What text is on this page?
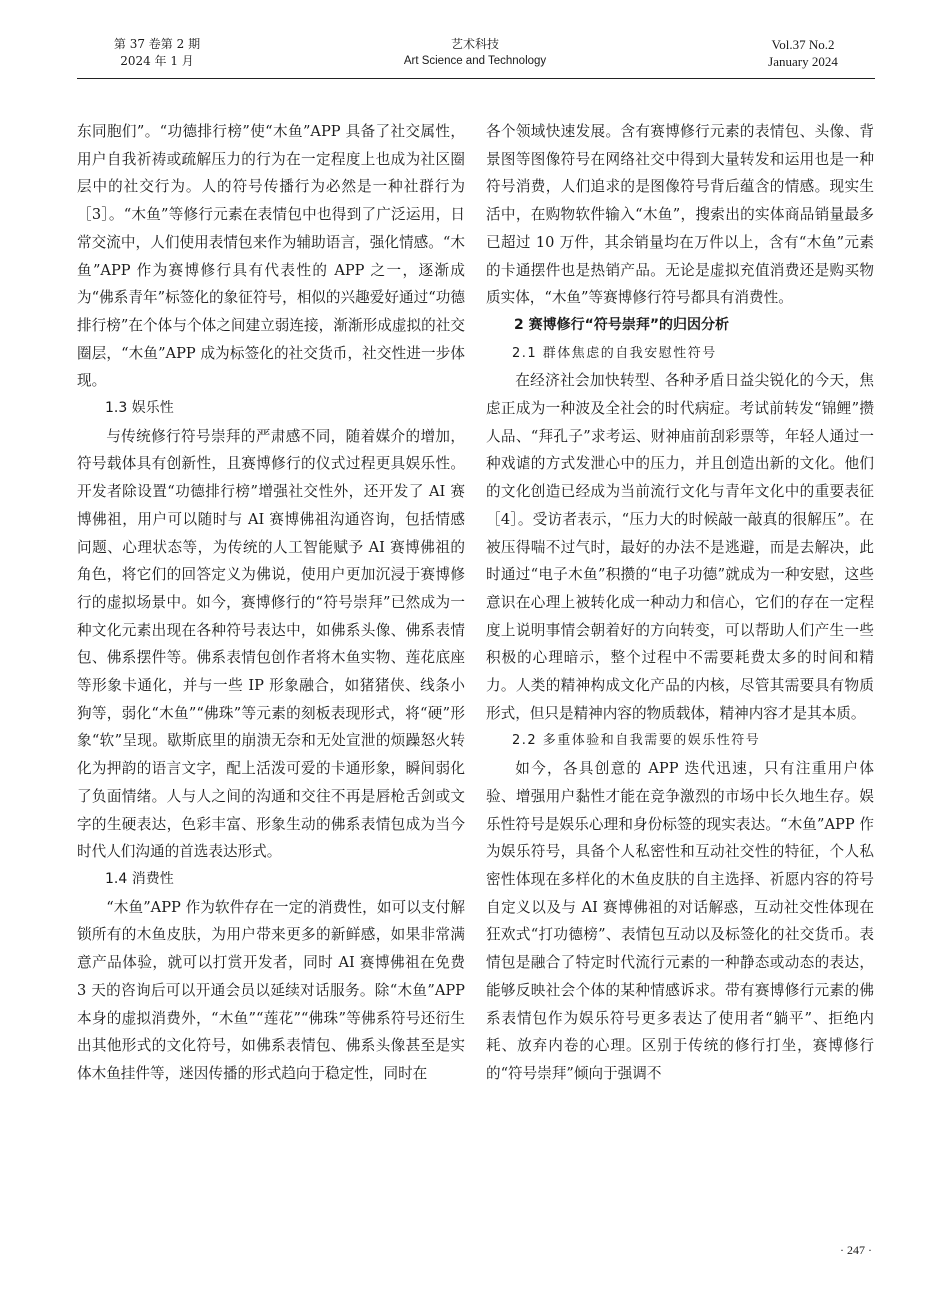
第 37 卷第 2 期
2024 年 1 月
艺术科技
Art Science and Technology
Vol.37 No.2
January 2024

东同胞们”。“功德排行榜”使“木鱼”APP 具备了社交属性，用户自我祈祷或疏解压力的行为在一定程度上也成为社区圈层中的社交行为。人的符号传播行为必然是一种社群行为［3］。“木鱼”等修行元素在表情包中也得到了广泛运用，日常交流中，人们使用表情包来作为辅助语言，强化情感。“木鱼”APP 作为赛博修行具有代表性的 APP 之一，逐渐成为“佛系青年”标签化的象征符号，相似的兴趣爱好通过“功德排行榜”在个体与个体之间建立弱连接，渐渐形成虚拟的社交圈层，“木鱼”APP 成为标签化的社交货币，社交性进一步体现。

1.3 娱乐性

与传统修行符号崇拜的严肃感不同，随着媒介的增加，符号载体具有创新性，且赛博修行的仪式过程更具娱乐性。开发者除设置“功德排行榜”增强社交性外，还开发了 AI 赛博佛祖，用户可以随时与 AI 赛博佛祖沟通咨询，包括情感问题、心理状态等，为传统的人工智能赋予 AI 赛博佛祖的角色，将它们的回答定义为佛说，使用户更加沉浸于赛博修行的虚拟场景中。如今，赛博修行的“符号崇拜”已然成为一种文化元素出现在各种符号表达中，如佛系头像、佛系表情包、佛系摆件等。佛系表情包创作者将木鱼实物、莲花底座等形象卡通化，并与一些 IP 形象融合，如猪猪侠、线条小狗等，弱化“木鱼”“佛珠”等元素的刻板表现形式，将“硬”形象“软”呈现。歇斯底里的崩溃无奈和无处宣泄的烦躁怒火转化为押韵的语言文字，配上活泼可爱的卡通形象，瞬间弱化了负面情绪。人与人之间的沟通和交往不再是唇枪舌剑或文字的生硬表达，色彩丰富、形象生动的佛系表情包成为当今时代人们沟通的首选表达形式。

1.4 消费性

“木鱼”APP 作为软件存在一定的消费性，如可以支付解锁所有的木鱼皮肤，为用户带来更多的新鲜感，如果非常满意产品体验，就可以打赏开发者，同时 AI 赛博佛祖在免费 3 天的咨询后可以开通会员以延续对话服务。除“木鱼”APP 本身的虚拟消费外，“木鱼”“莲花”“佛珠”等佛系符号还衍生出其他形式的文化符号，如佛系表情包、佛系头像甚至是实体木鱼挂件等，迷因传播的形式趋向于稳定性，同时在

各个领域快速发展。含有赛博修行元素的表情包、头像、背景图等图像符号在网络社交中得到大量转发和运用也是一种符号消费，人们追求的是图像符号背后蕴含的情感。现实生活中，在购物软件输入“木鱼”，搜索出的实体商品销量最多已超过 10 万件，其余销量均在万件以上，含有“木鱼”元素的卡通摆件也是热销产品。无论是虚拟充值消费还是购买物质实体，“木鱼”等赛博修行符号都具有消费性。

2 赛博修行“符号崇拜”的归因分析

2.1 群体焦虑的自我安慰性符号

在经济社会加快转型、各种矛盾日益尖锐化的今天，焦虑正成为一种波及全社会的时代病症。考试前转发“锦鲤”攒人品、“拜孔子”求考运、财神庙前刮彩票等，年轻人通过一种戏谑的方式发泄心中的压力，并且创造出新的文化。他们的文化创造已经成为当前流行文化与青年文化中的重要表征［4］。受访者表示，“压力大的时候敲一敲真的很解压”。在被压得喘不过气时，最好的办法不是逃避，而是去解决，此时通过“电子木鱼”积攒的“电子功德”就成为一种安慰，这些意识在心理上被转化成一种动力和信心，它们的存在一定程度上说明事情会朝着好的方向转变，可以帮助人们产生一些积极的心理暗示，整个过程中不需要耗费太多的时间和精力。人类的精神构成文化产品的内核，尽管其需要具有物质形式，但只是精神内容的物质载体，精神内容才是其本质。

2.2 多重体验和自我需要的娱乐性符号

如今，各具创意的 APP 迭代迅速，只有注重用户体验、增强用户黏性才能在竞争激烈的市场中长久地生存。娱乐性符号是娱乐心理和身份标签的现实表达。“木鱼”APP 作为娱乐符号，具备个人私密性和互动社交性的特征，个人私密性体现在多样化的木鱼皮肤的自主选择、祈愿内容的符号自定义以及与 AI 赛博佛祖的对话解惑，互动社交性体现在狂欢式“打功德榜”、表情包互动以及标签化的社交货币。表情包是融合了特定时代流行元素的一种静态或动态的表达，能够反映社会个体的某种情感诉求。带有赛博修行元素的佛系表情包作为娱乐符号更多表达了使用者“躺平”、拒绝内耗、放弃内卷的心理。区别于传统的修行打坐，赛博修行的“符号崇拜”倾向于强调不

· 247 ·
